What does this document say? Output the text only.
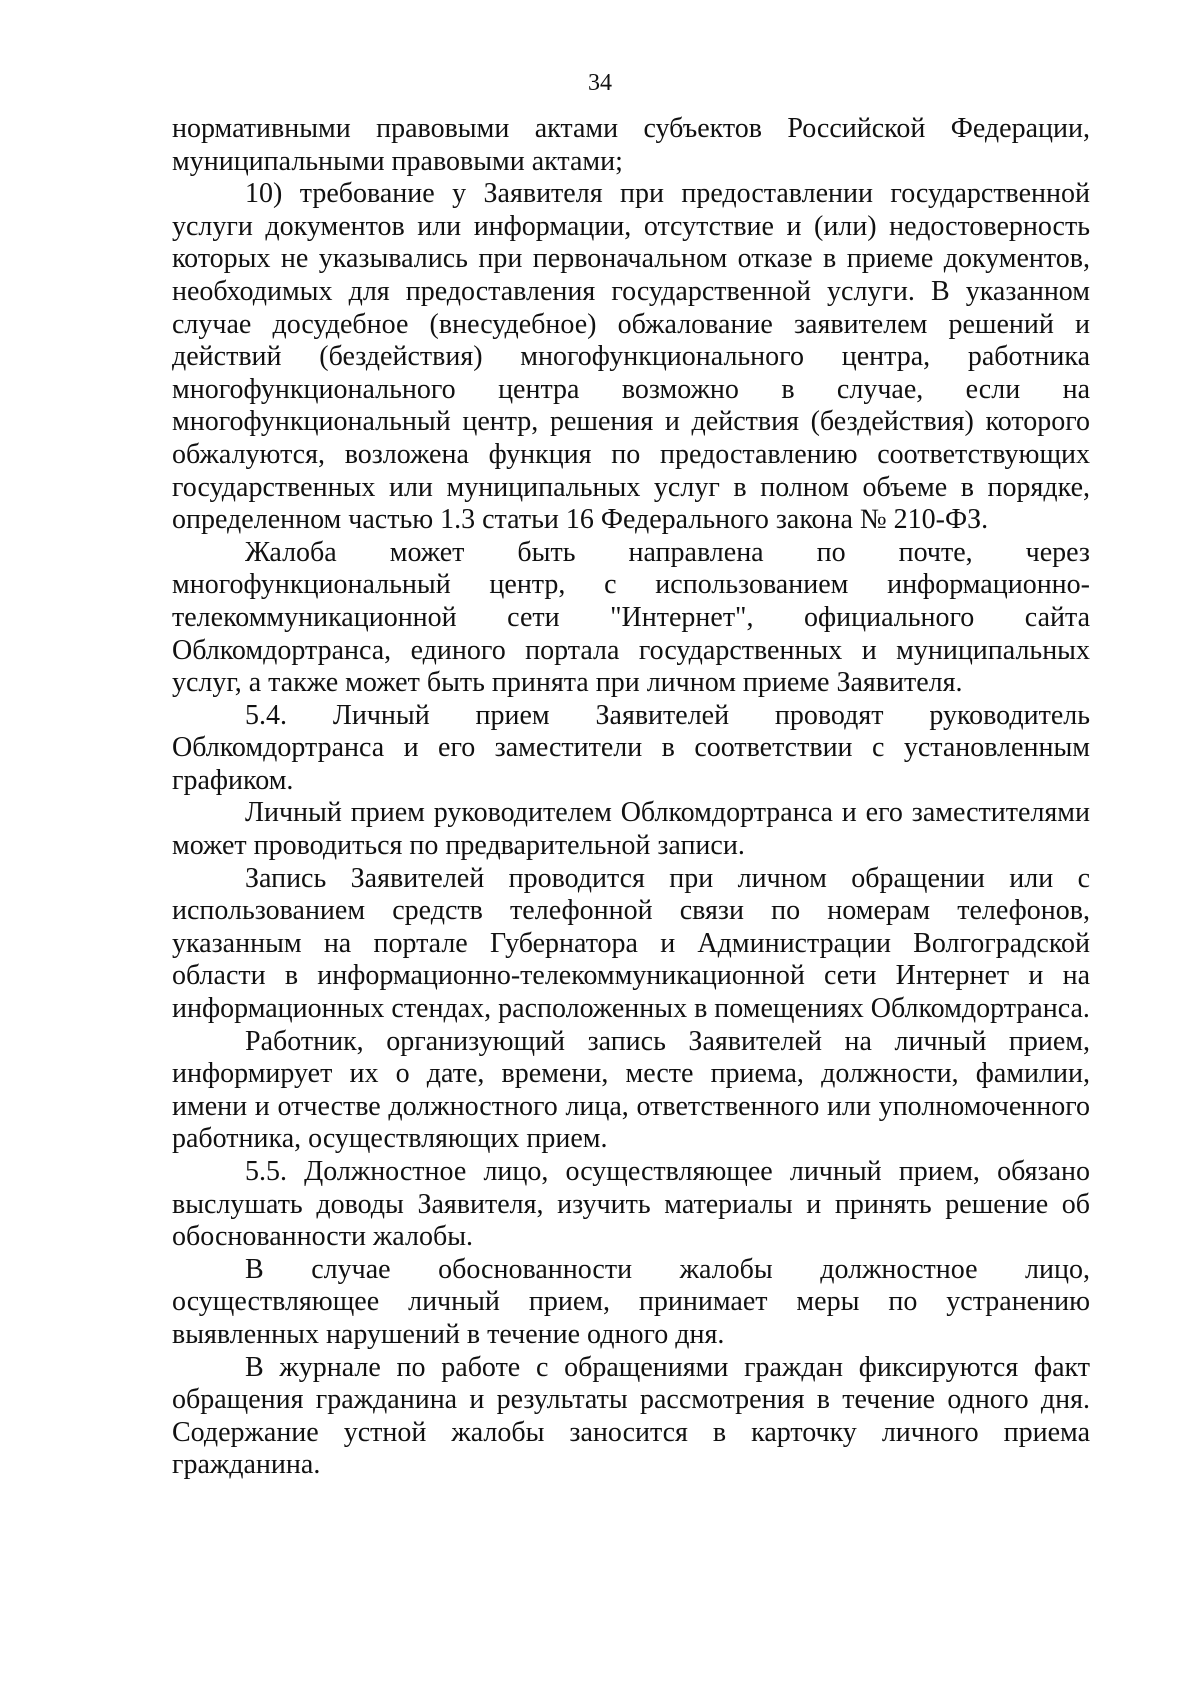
34

нормативными правовыми актами субъектов Российской Федерации, муниципальными правовыми актами;

10) требование у Заявителя при предоставлении государственной услуги документов или информации, отсутствие и (или) недостоверность которых не указывались при первоначальном отказе в приеме документов, необходимых для предоставления государственной услуги. В указанном случае досудебное (внесудебное) обжалование заявителем решений и действий (бездействия) многофункционального центра, работника многофункционального центра возможно в случае, если на многофункциональный центр, решения и действия (бездействия) которого обжалуются, возложена функция по предоставлению соответствующих государственных или муниципальных услуг в полном объеме в порядке, определенном частью 1.3 статьи 16 Федерального закона № 210-ФЗ.

Жалоба может быть направлена по почте, через многофункциональный центр, с использованием информационно-телекоммуникационной сети "Интернет", официального сайта Облкомдортранса, единого портала государственных и муниципальных услуг, а также может быть принята при личном приеме Заявителя.

5.4. Личный прием Заявителей проводят руководитель Облкомдортранса и его заместители в соответствии с установленным графиком.

Личный прием руководителем Облкомдортранса и его заместителями может проводиться по предварительной записи.

Запись Заявителей проводится при личном обращении или с использованием средств телефонной связи по номерам телефонов, указанным на портале Губернатора и Администрации Волгоградской области в информационно-телекоммуникационной сети Интернет и на информационных стендах, расположенных в помещениях Облкомдортранса.

Работник, организующий запись Заявителей на личный прием, информирует их о дате, времени, месте приема, должности, фамилии, имени и отчестве должностного лица, ответственного или уполномоченного работника, осуществляющих прием.

5.5. Должностное лицо, осуществляющее личный прием, обязано выслушать доводы Заявителя, изучить материалы и принять решение об обоснованности жалобы.

В случае обоснованности жалобы должностное лицо, осуществляющее личный прием, принимает меры по устранению выявленных нарушений в течение одного дня.

В журнале по работе с обращениями граждан фиксируются факт обращения гражданина и результаты рассмотрения в течение одного дня. Содержание устной жалобы заносится в карточку личного приема гражданина.
